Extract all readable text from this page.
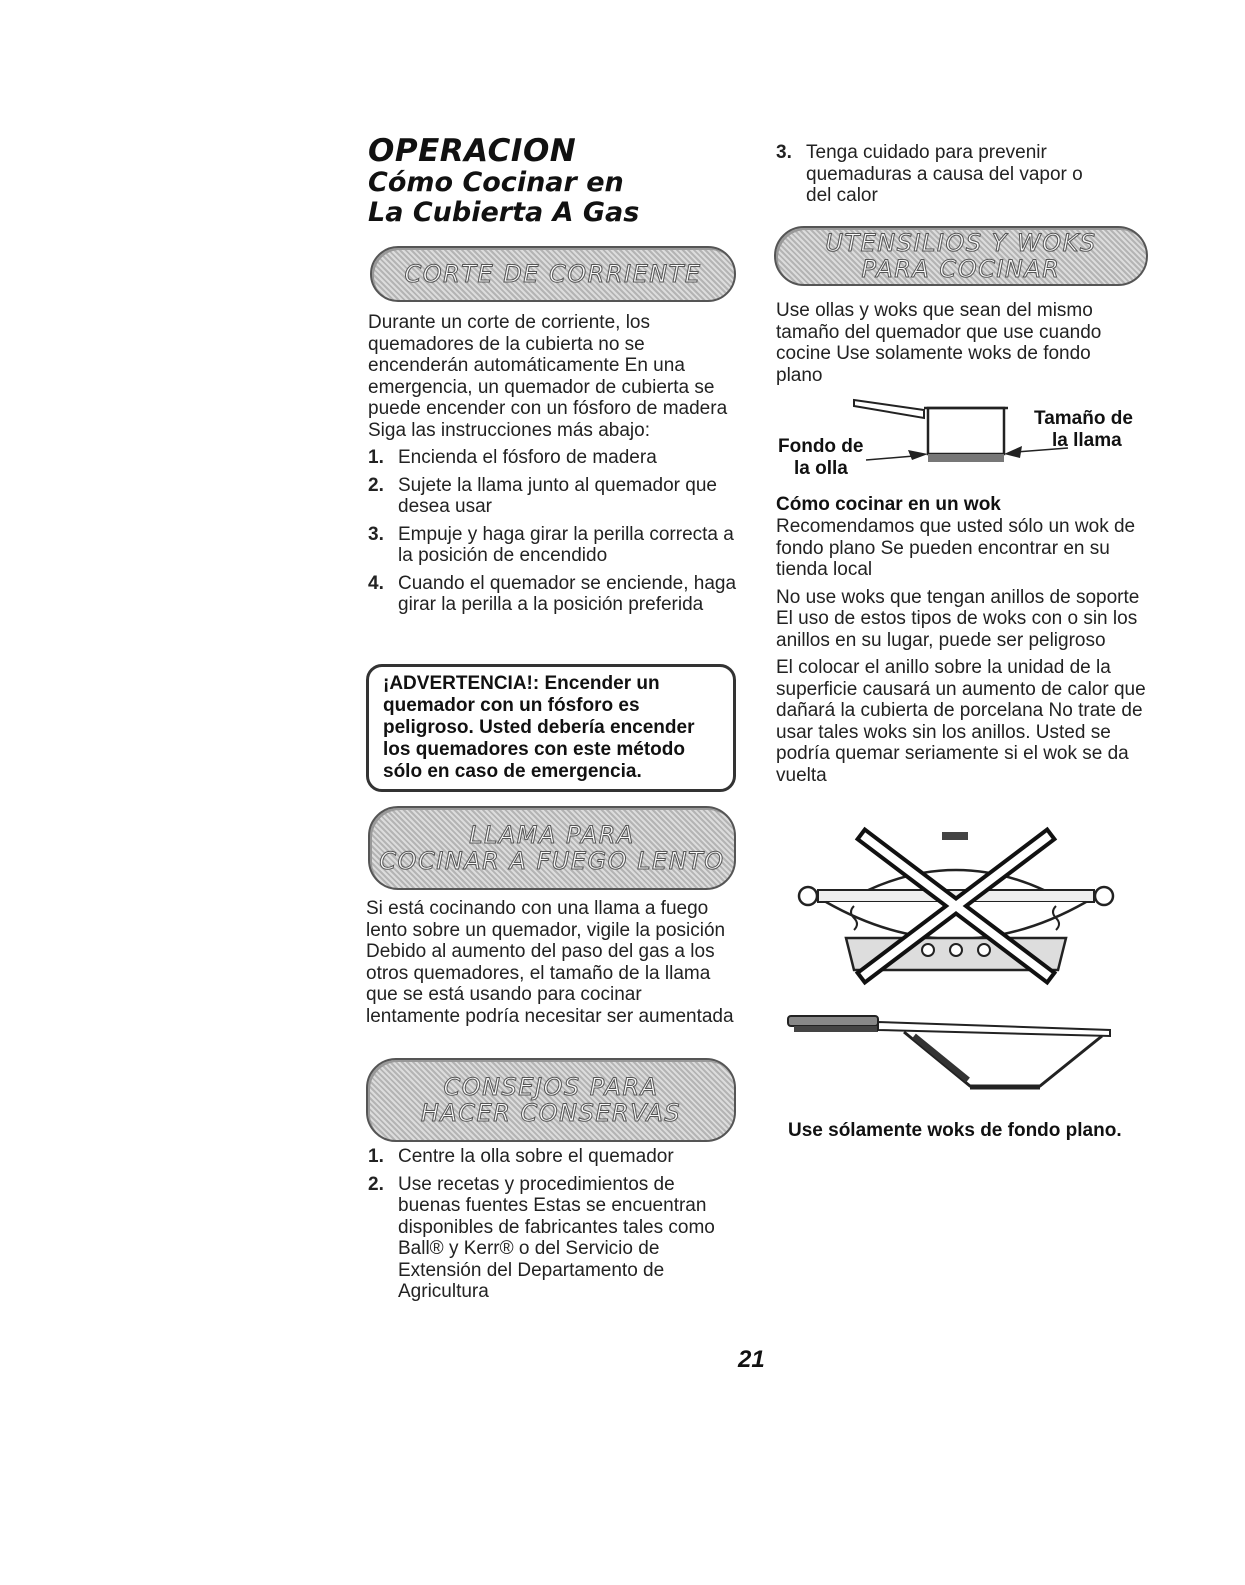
OPERACION
Cómo Cocinar en
La Cubierta A Gas
CORTE DE CORRIENTE

Durante un corte de corriente, los quemadores de la cubierta no se encenderán automáticamente En una emergencia, un quemador de cubierta se puede encender con un fósforo de madera Siga las instrucciones más abajo:

1. Encienda el fósforo de madera
2. Sujete la llama junto al quemador que desea usar
3. Empuje y haga girar la perilla correcta a la posición de encendido
4. Cuando el quemador se enciende, haga girar la perilla a la posición preferida
¡ADVERTENCIA!: Encender un quemador con un fósforo es peligroso. Usted debería encender los quemadores con este método sólo en caso de emergencia.
LLAMA PARA
COCINAR A FUEGO LENTO

Si está cocinando con una llama a fuego lento sobre un quemador, vigile la posición Debido al aumento del paso del gas a los otros quemadores, el tamaño de la llama que se está usando para cocinar lentamente podría necesitar ser aumentada

CONSEJOS PARA
HACER CONSERVAS
1. Centre la olla sobre el quemador
2. Use recetas y procedimientos de buenas fuentes Estas se encuentran disponibles de fabricantes tales como Ball® y Kerr® o del Servicio de Extensión del Departamento de Agricultura
3. Tenga cuidado para prevenir quemaduras a causa del vapor o del calor
UTENSILIOS Y WOKS
PARA COCINAR

Use ollas y woks que sean del mismo tamaño del quemador que use cuando cocine Use solamente woks de fondo plano

Fondo de
la olla
Tamaño de
la llama
Cómo cocinar en un wok

Recomendamos que usted sólo un wok de fondo plano Se pueden encontrar en su tienda local

No use woks que tengan anillos de soporte El uso de estos tipos de woks con o sin los anillos en su lugar, puede ser peligroso

El colocar el anillo sobre la unidad de la superficie causará un aumento de calor que dañará la cubierta de porcelana No trate de usar tales woks sin los anillos. Usted se podría quemar seriamente si el wok se da vuelta

Use sólamente woks de fondo plano.
21
